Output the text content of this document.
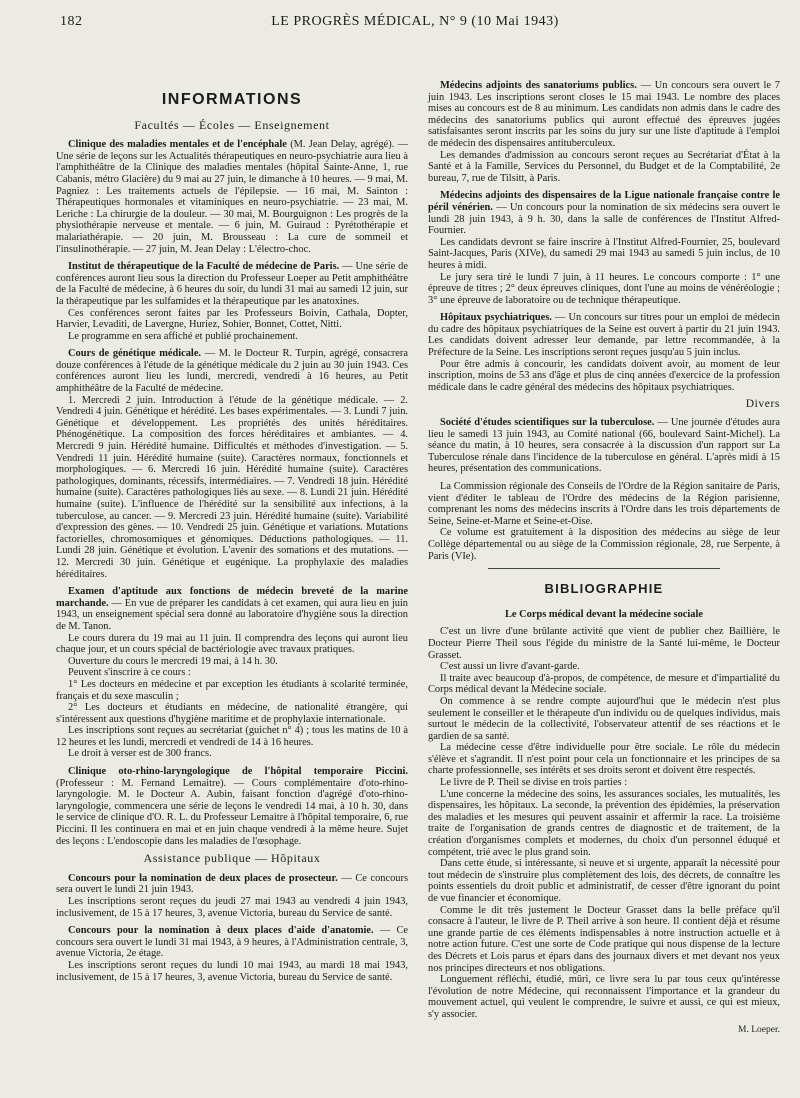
182	LE PROGRÈS MÉDICAL, N° 9 (10 Mai 1943)

INFORMATIONS

Facultés — Écoles — Enseignement

Clinique des maladies mentales et de l'encéphale (M. Jean Delay, agrégé). — Une série de leçons sur les Actualités thérapeutiques en neuro-psychiatrie aura lieu à l'amphithéâtre de la Clinique des maladies mentales (hôpital Sainte-Anne, 1, rue Cabanis, métro Glacière) du 9 mai au 27 juin, le dimanche à 10 heures. — 9 mai, M. Pagniez : Les traitements actuels de l'épilepsie. — 16 mai, M. Sainton : Thérapeutiques hormonales et vitamíniques en neuro-psychiatrie. — 23 mai, M. Leriche : La chirurgie de la douleur. — 30 mai, M. Bourguignon : Les progrès de la physiothérapie nerveuse et mentale. — 6 juin, M. Guiraud : Pyrétothérapie et malariathérapie. — 20 juin, M. Brousseau : La cure de sommeil et l'insulinothérapie. — 27 juin, M. Jean Delay : L'électro-choc.

Institut de thérapeutique de la Faculté de médecine de Paris. — Une série de conférences auront lieu sous la direction du Professeur Loeper au Petit amphithéâtre de la Faculté de médecine, à 6 heures du soir, du lundi 31 mai au samedi 12 juin, sur la thérapeutique par les sulfamides et la thérapeutique par les anatoxines.

Ces conférences seront faites par les Professeurs Boivin, Cathala, Dopter, Harvier, Levaditi, de Lavergne, Huriez, Sohier, Bonnet, Cottet, Nitti.

Le programme en sera affiché et publié prochainement.

Cours de génétique médicale. — M. le Docteur R. Turpin, agrégé, consacrera douze conférences à l'étude de la génétique médicale du 2 juin au 30 juin 1943. Ces conférences auront lieu les lundi, mercredi, vendredi à 16 heures, au Petit amphithéâtre de la Faculté de médecine.

1. Mercredi 2 juin. Introduction à l'étude de la génétique médicale. — 2. Vendredi 4 juin. Génétique et hérédité. Les bases expérimentales. — 3. Lundi 7 juin. Génétique et développement. Les propriétés des unités héréditaires. Phénogénétique. La composition des forces héréditaires et ambiantes. — 4. Mercredi 9 juin. Hérédité humaine. Difficultés et méthodes d'investigation. — 5. Vendredi 11 juin. Hérédité humaine (suite). Caractères normaux, fonctionnels et morphologiques. — 6. Mercredi 16 juin. Hérédité humaine (suite). Caractères pathologiques, dominants, récessifs, intermédiaires. — 7. Vendredi 18 juin. Hérédité humaine (suite). Caractères pathologiques liés au sexe. — 8. Lundi 21 juin. Hérédité humaine (suite). L'influence de l'hérédité sur la sensibilité aux infections, à la tuberculose, au cancer. — 9. Mercredi 23 juin. Hérédité humaine (suite). Variabilité d'expression des gènes. — 10. Vendredi 25 juin. Génétique et variations. Mutations factorielles, chromosomiques et génomiques. Déductions pathologiques. — 11. Lundi 28 juin. Génétique et évolution. L'avenir des somations et des mutations. — 12. Mercredi 30 juin. Génétique et eugénique. La prophylaxie des maladies héréditaires.

Examen d'aptitude aux fonctions de médecin breveté de la marine marchande. — En vue de préparer les candidats à cet examen, qui aura lieu en juin 1943, un enseignement spécial sera donné au laboratoire d'hygiène sous la direction de M. Tanon.

Le cours durera du 19 mai au 11 juin. Il comprendra des leçons qui auront lieu chaque jour, et un cours spécial de bactériologie avec travaux pratiques.

Ouverture du cours le mercredi 19 mai, à 14 h. 30.

Peuvent s'inscrire à ce cours :

1° Les docteurs en médecine et par exception les étudiants à scolarité terminée, français et du sexe masculin ;

2° Les docteurs et étudiants en médecine, de nationalité étrangère, qui s'intéressent aux questions d'hygiène maritime et de prophylaxie internationale.

Les inscriptions sont reçues au secrétariat (guichet n° 4) ; tous les matins de 10 à 12 heures et les lundi, mercredi et vendredi de 14 à 16 heures.

Le droit à verser est de 300 francs.

Clinique oto-rhino-laryngologique de l'hôpital temporaire Piccini. (Professeur : M. Fernand Lemaitre). — Cours complémentaire d'oto-rhino-laryngologie. M. le Docteur A. Aubin, faisant fonction d'agrégé d'oto-rhino-laryngologie, commencera une série de leçons le vendredi 14 mai, à 10 h. 30, dans le service de clinique d'O. R. L. du Professeur Lemaitre à l'hôpital temporaire, 6, rue Piccini. Il les continuera en mai et en juin chaque vendredi à la même heure. Sujet des leçons : L'endoscopie dans les maladies de l'œsophage.

Assistance publique — Hôpitaux

Concours pour la nomination de deux places de prosecteur. — Ce concours sera ouvert le lundi 21 juin 1943.

Les inscriptions seront reçues du jeudi 27 mai 1943 au vendredi 4 juin 1943, inclusivement, de 15 à 17 heures, 3, avenue Victoria, bureau du Service de santé.

Concours pour la nomination à deux places d'aide d'anatomie. — Ce concours sera ouvert le lundi 31 mai 1943, à 9 heures, à l'Administration centrale, 3, avenue Victoria, 2e étage.

Les inscriptions seront reçues du lundi 10 mai 1943, au mardi 18 mai 1943, inclusivement, de 15 à 17 heures, 3, avenue Victoria, bureau du Service de santé.

Médecins adjoints des sanatoriums publics. — Un concours sera ouvert le 7 juin 1943. Les inscriptions seront closes le 15 mai 1943. Le nombre des places mises au concours est de 8 au minimum. Les candidats non admis dans le cadre des médecins des sanatoriums publics qui auront effectué des épreuves jugées satisfaisantes seront inscrits par les soins du jury sur une liste d'aptitude à l'emploi de médecin des dispensaires antituberculeux.

Les demandes d'admission au concours seront reçues au Secrétariat d'État à la Santé et à la Famille, Services du Personnel, du Budget et de la Comptabilité, 2e bureau, 7, rue de Tilsitt, à Paris.

Médecins adjoints des dispensaires de la Ligue nationale française contre le péril vénérien. — Un concours pour la nomination de six médecins sera ouvert le lundi 28 juin 1943, à 9 h. 30, dans la salle de conférences de l'Institut Alfred-Fournier.

Les candidats devront se faire inscrire à l'Institut Alfred-Fournier, 25, boulevard Saint-Jacques, Paris (XIVe), du samedi 29 mai 1943 au samedi 5 juin inclus, de 10 heures à midi.

Le jury sera tiré le lundi 7 juin, à 11 heures. Le concours comporte : 1° une épreuve de titres ; 2° deux épreuves cliniques, dont l'une au moins de vénéréologie ; 3° une épreuve de laboratoire ou de technique thérapeutique.

Hôpitaux psychiatriques. — Un concours sur titres pour un emploi de médecin du cadre des hôpitaux psychiatriques de la Seine est ouvert à partir du 21 juin 1943. Les candidats doivent adresser leur demande, par lettre recommandée, à la Préfecture de la Seine. Les inscriptions seront reçues jusqu'au 5 juin inclus.

Pour être admis à concourir, les candidats doivent avoir, au moment de leur inscription, moins de 53 ans d'âge et plus de cinq années d'exercice de la profession médicale dans le cadre général des médecins des hôpitaux psychiatriques.

Divers

Société d'études scientifiques sur la tuberculose. — Une journée d'études aura lieu le samedi 13 juin 1943, au Comité national (66, boulevard Saint-Michel). La séance du matin, à 10 heures, sera consacrée à la discussion d'un rapport sur La Tuberculose rénale dans l'incidence de la tuberculose en général. L'après midi à 15 heures, présentation des communications.

La Commission régionale des Conseils de l'Ordre de la Région sanitaire de Paris, vient d'éditer le tableau de l'Ordre des médecins de la Région parisienne, comprenant les noms des médecins inscrits à l'Ordre dans les trois départements de Seine, Seine-et-Marne et Seine-et-Oise.

Ce volume est gratuitement à la disposition des médecins au siège de leur Collège départemental ou au siège de la Commission régionale, 28, rue Serpente, à Paris (VIe).

BIBLIOGRAPHIE

Le Corps médical devant la médecine sociale

C'est un livre d'une brûlante activité que vient de publier chez Baillière, le Docteur Pierre Theil sous l'égide du ministre de la Santé lui-même, le Docteur Grasset.

C'est aussi un livre d'avant-garde.

Il traite avec beaucoup d'à-propos, de compétence, de mesure et d'impartialité du Corps médical devant la Médecine sociale.

On commence à se rendre compte aujourd'hui que le médecin n'est plus seulement le conseiller et le thérapeute d'un individu ou de quelques individus, mais surtout le médecin de la collectivité, l'observateur attentif de ses réactions et le gardien de sa santé.

La médecine cesse d'être individuelle pour être sociale. Le rôle du médecin s'élève et s'agrandit. Il n'est point pour cela un fonctionnaire et les principes de sa charte professionnelle, ses intérêts et ses droits seront et doivent être respectés.

Le livre de P. Theil se divise en trois parties :

L'une concerne la médecine des soins, les assurances sociales, les mutualités, les dispensaires, les hôpitaux. La seconde, la prévention des épidémies, la préservation des maladies et les mesures qui peuvent assainir et affermir la race. La troisième traite de l'organisation de grands centres de diagnostic et de traitement, de la création d'organismes complets et modernes, du choix d'un personnel éduqué et compétent, trié avec le plus grand soin.

Dans cette étude, si intéressante, si neuve et si urgente, apparaît la nécessité pour tout médecin de s'instruire plus complètement des lois, des décrets, de connaître les points essentiels du droit public et administratif, de cesser d'être ignorant du point de vue financier et économique.

Comme le dit très justement le Docteur Grasset dans la belle préface qu'il consacre à l'auteur, le livre de P. Theil arrive à son heure. Il contient déjà et résume une grande partie de ces éléments indispensables à notre instruction actuelle et à notre action future. C'est une sorte de Code pratique qui nous dispense de la lecture des Décrets et Lois parus et épars dans des journaux divers et met devant nos yeux nos principes directeurs et nos obligations.

Longuement réfléchi, étudié, mûri, ce livre sera lu par tous ceux qu'intéresse l'évolution de notre Médecine, qui reconnaissent l'importance et la grandeur du mouvement actuel, qui veulent le comprendre, le suivre et aussi, ce qui est mieux, s'y associer.

M. Loeper.
